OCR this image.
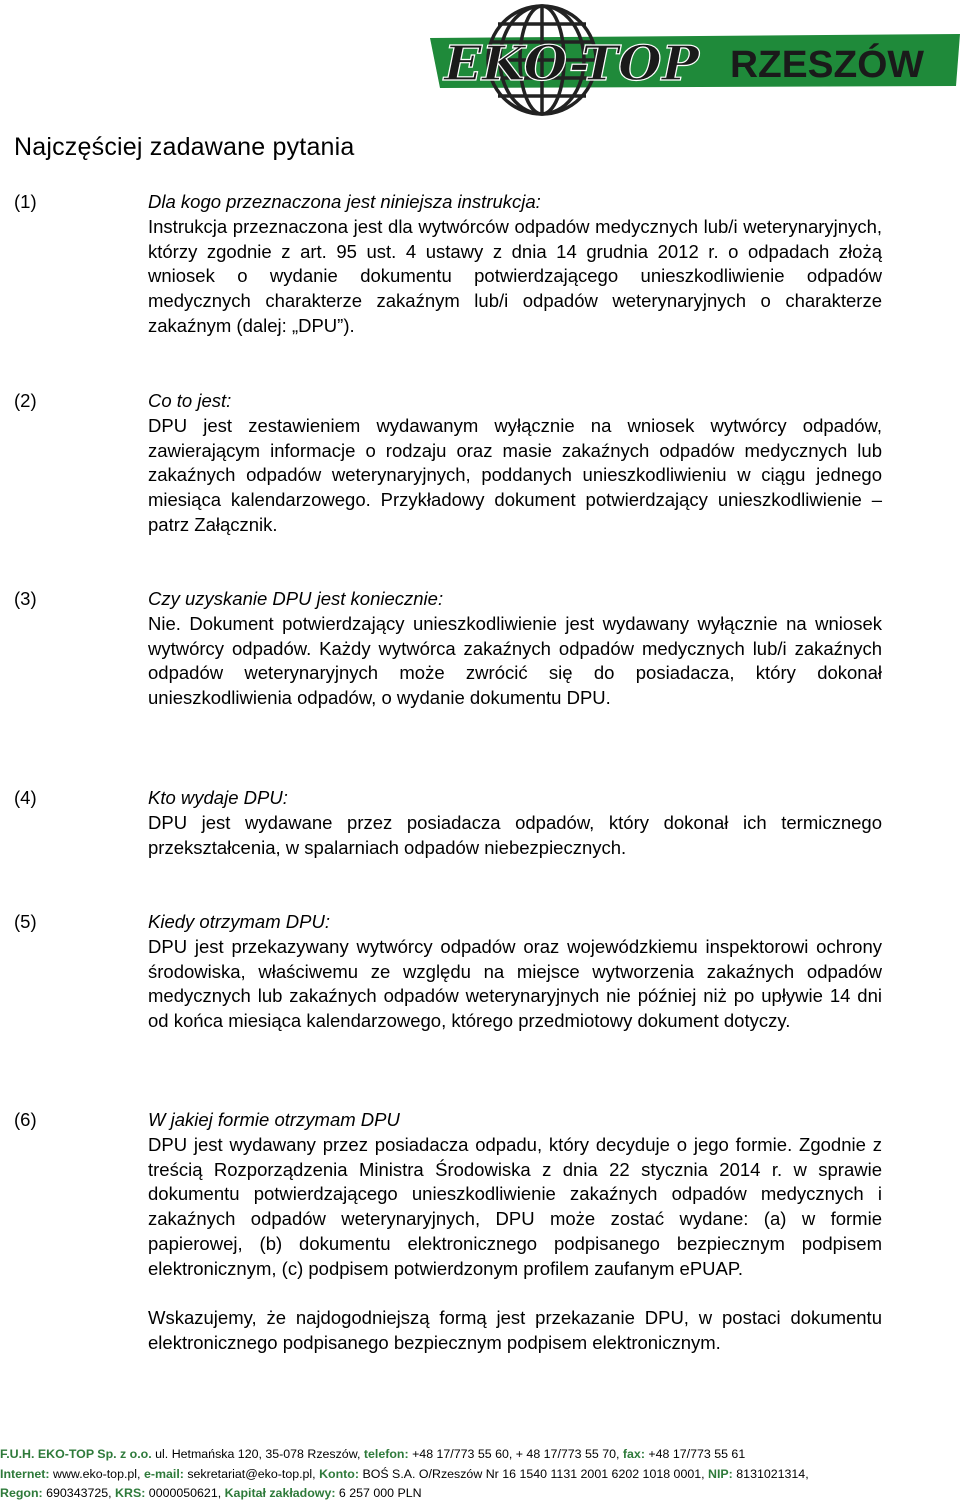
EKO-TOP RZESZÓW
Najczęściej zadawane pytania
(1)	Dla kogo przeznaczona jest niniejsza instrukcja:
Instrukcja przeznaczona jest dla wytwórców odpadów medycznych lub/i weterynaryjnych, którzy zgodnie z art. 95 ust. 4 ustawy z dnia 14 grudnia 2012 r. o odpadach złożą wniosek o wydanie dokumentu potwierdzającego unieszkodliwienie odpadów medycznych charakterze zakaźnym lub/i odpadów weterynaryjnych o charakterze zakaźnym (dalej: „DPU”).
(2)	Co to jest:
DPU jest zestawieniem wydawanym wyłącznie na wniosek wytwórcy odpadów, zawierającym informacje o rodzaju oraz masie zakaźnych odpadów medycznych lub zakaźnych odpadów weterynaryjnych, poddanych unieszkodliwieniu w ciągu jednego miesiąca kalendarzowego. Przykładowy dokument potwierdzający unieszkodliwienie – patrz Załącznik.
(3)	Czy uzyskanie DPU jest koniecznie:
Nie. Dokument potwierdzający unieszkodliwienie jest wydawany wyłącznie na wniosek wytwórcy odpadów. Każdy wytwórca zakaźnych odpadów medycznych lub/i zakaźnych odpadów weterynaryjnych może zwrócić się do posiadacza, który dokonał unieszkodliwienia odpadów, o wydanie dokumentu DPU.
(4)	Kto wydaje DPU:
DPU jest wydawane przez posiadacza odpadów, który dokonał ich termicznego przekształcenia, w spalarniach odpadów niebezpiecznych.
(5)	Kiedy otrzymam DPU:
DPU jest przekazywany wytwórcy odpadów oraz wojewódzkiemu inspektorowi ochrony środowiska, właściwemu ze względu na miejsce wytworzenia zakaźnych odpadów medycznych lub zakaźnych odpadów weterynaryjnych nie później niż po upływie 14 dni od końca miesiąca kalendarzowego, którego przedmiotowy dokument dotyczy.
(6)	W jakiej formie otrzymam DPU
DPU jest wydawany przez posiadacza odpadu, który decyduje o jego formie. Zgodnie z treścią Rozporządzenia Ministra Środowiska z dnia 22 stycznia 2014 r. w sprawie dokumentu potwierdzającego unieszkodliwienie zakaźnych odpadów medycznych i zakaźnych odpadów weterynaryjnych, DPU może zostać wydane: (a) w formie papierowej, (b) dokumentu elektronicznego podpisanego bezpiecznym podpisem elektronicznym, (c) podpisem potwierdzonym profilem zaufanym ePUAP.
Wskazujemy, że najdogodniejszą formą jest przekazanie DPU, w postaci dokumentu elektronicznego podpisanego bezpiecznym podpisem elektronicznym.
F.U.H. EKO-TOP Sp. z o.o. ul. Hetmańska 120, 35-078 Rzeszów, telefon: +48 17/773 55 60, + 48 17/773 55 70, fax: +48 17/773 55 61
Internet: www.eko-top.pl, e-mail: sekretariat@eko-top.pl, Konto: BOŚ S.A. O/Rzeszów Nr 16 1540 1131 2001 6202 1018 0001, NIP: 8131021314,
Regon: 690343725, KRS: 0000050621, Kapitał zakładowy: 6 257 000 PLN
